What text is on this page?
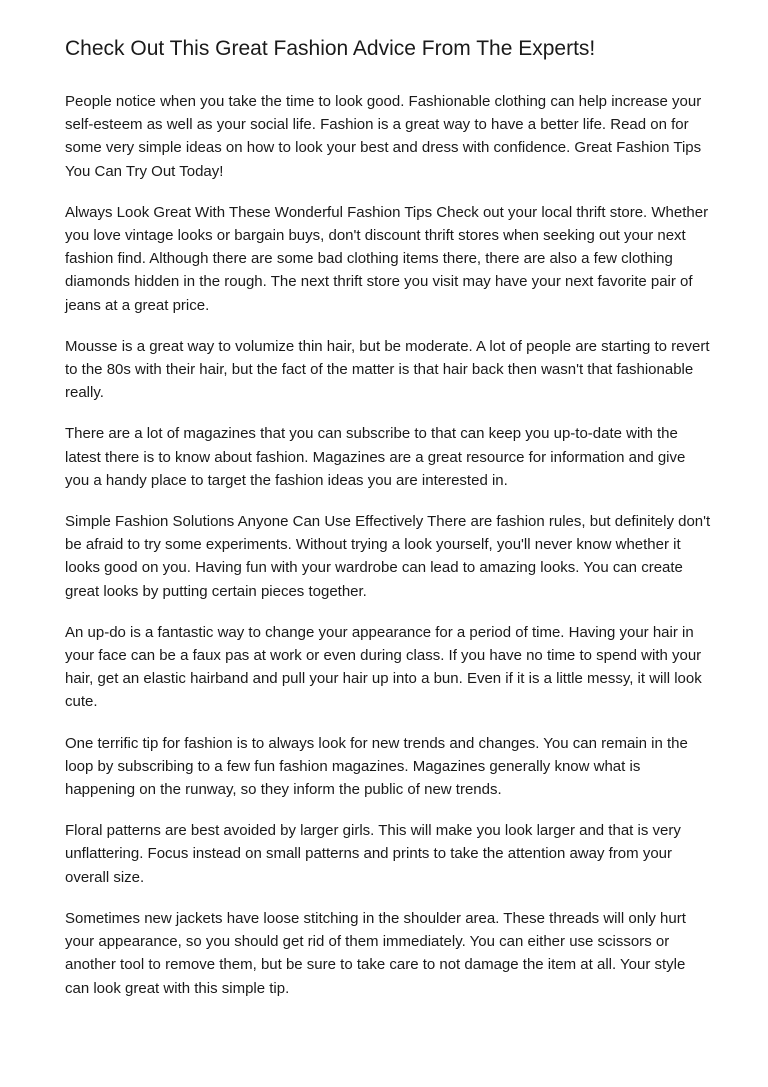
Check Out This Great Fashion Advice From The Experts!

People notice when you take the time to look good. Fashionable clothing can help increase your self-esteem as well as your social life. Fashion is a great way to have a better life. Read on for some very simple ideas on how to look your best and dress with confidence. Great Fashion Tips You Can Try Out Today!

Always Look Great With These Wonderful Fashion Tips Check out your local thrift store. Whether you love vintage looks or bargain buys, don't discount thrift stores when seeking out your next fashion find. Although there are some bad clothing items there, there are also a few clothing diamonds hidden in the rough. The next thrift store you visit may have your next favorite pair of jeans at a great price.

Mousse is a great way to volumize thin hair, but be moderate. A lot of people are starting to revert to the 80s with their hair, but the fact of the matter is that hair back then wasn't that fashionable really.

There are a lot of magazines that you can subscribe to that can keep you up-to-date with the latest there is to know about fashion. Magazines are a great resource for information and give you a handy place to target the fashion ideas you are interested in.

Simple Fashion Solutions Anyone Can Use Effectively There are fashion rules, but definitely don't be afraid to try some experiments. Without trying a look yourself, you'll never know whether it looks good on you. Having fun with your wardrobe can lead to amazing looks. You can create great looks by putting certain pieces together.

An up-do is a fantastic way to change your appearance for a period of time. Having your hair in your face can be a faux pas at work or even during class. If you have no time to spend with your hair, get an elastic hairband and pull your hair up into a bun. Even if it is a little messy, it will look cute.

One terrific tip for fashion is to always look for new trends and changes. You can remain in the loop by subscribing to a few fun fashion magazines. Magazines generally know what is happening on the runway, so they inform the public of new trends.

Floral patterns are best avoided by larger girls. This will make you look larger and that is very unflattering. Focus instead on small patterns and prints to take the attention away from your overall size.

Sometimes new jackets have loose stitching in the shoulder area. These threads will only hurt your appearance, so you should get rid of them immediately. You can either use scissors or another tool to remove them, but be sure to take care to not damage the item at all. Your style can look great with this simple tip.
